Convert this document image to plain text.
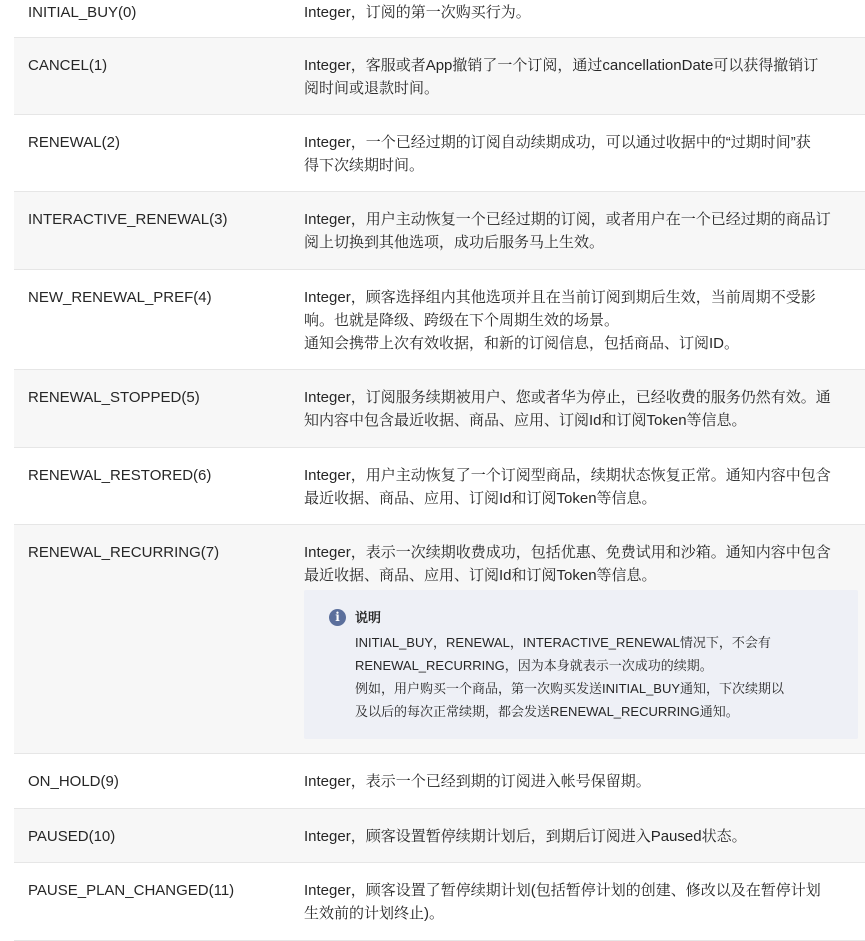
INITIAL_BUY(0)	Integer，订阅的第一次购买行为。
CANCEL(1)	Integer，客服或者App撤销了一个订阅，通过cancellationDate可以获得撤销订
阅时间或退款时间。
RENEWAL(2)	Integer，一个已经过期的订阅自动续期成功，可以通过收据中的“过期时间”获
得下次续期时间。
INTERACTIVE_RENEWAL(3)	Integer，用户主动恢复一个已经过期的订阅，或者用户在一个已经过期的商品订
阅上切换到其他选项，成功后服务马上生效。
NEW_RENEWAL_PREF(4)	Integer，顾客选择组内其他选项并且在当前订阅到期后生效，当前周期不受影
响。也就是降级、跨级在下个周期生效的场景。
通知会携带上次有效收据，和新的订阅信息，包括商品、订阅ID。
RENEWAL_STOPPED(5)	Integer，订阅服务续期被用户、您或者华为停止，已经收费的服务仍然有效。通
知内容中包含最近收据、商品、应用、订阅Id和订阅Token等信息。
RENEWAL_RESTORED(6)	Integer，用户主动恢复了一个订阅型商品，续期状态恢复正常。通知内容中包含
最近收据、商品、应用、订阅Id和订阅Token等信息。
RENEWAL_RECURRING(7)	Integer，表示一次续期收费成功，包括优惠、免费试用和沙箱。通知内容中包含
最近收据、商品、应用、订阅Id和订阅Token等信息。
i	说明
INITIAL_BUY，RENEWAL，INTERACTIVE_RENEWAL情况下，不会有
RENEWAL_RECURRING，因为本身就表示一次成功的续期。
例如，用户购买一个商品，第一次购买发送INITIAL_BUY通知，下次续期以
及以后的每次正常续期，都会发送RENEWAL_RECURRING通知。
ON_HOLD(9)	Integer，表示一个已经到期的订阅进入帐号保留期。
PAUSED(10)	Integer，顾客设置暂停续期计划后，到期后订阅进入Paused状态。
PAUSE_PLAN_CHANGED(11)	Integer，顾客设置了暂停续期计划(包括暂停计划的创建、修改以及在暂停计划
生效前的计划终止)。
